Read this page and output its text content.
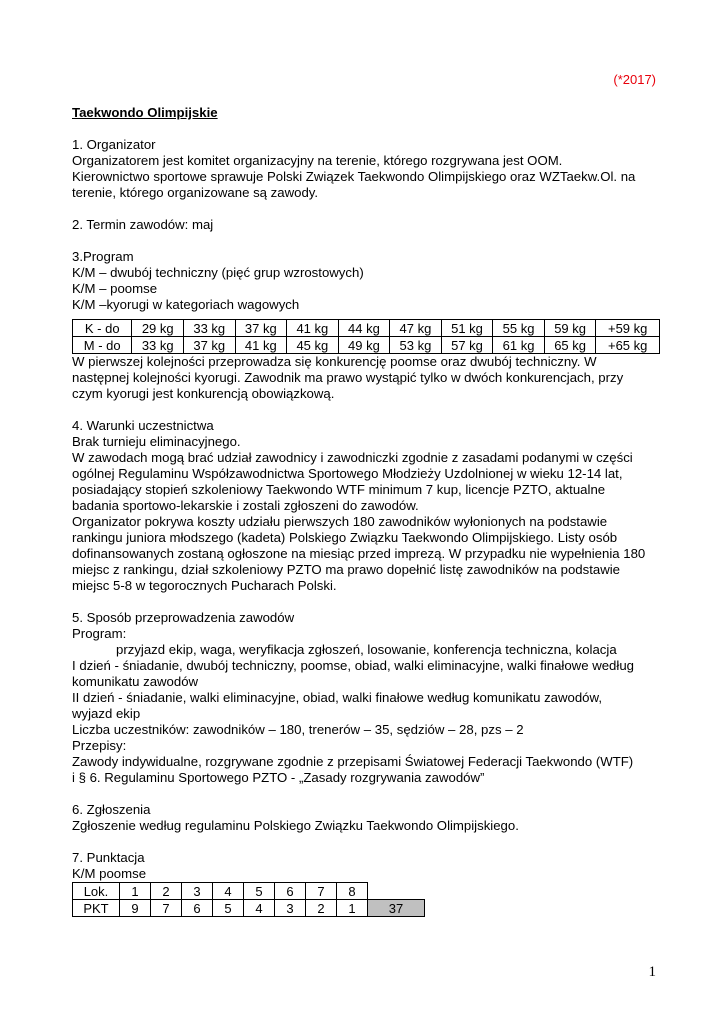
(*2017)

Taekwondo Olimpijskie

1. Organizator

Organizatorem jest komitet organizacyjny na terenie, którego rozgrywana jest OOM.

Kierownictwo sportowe sprawuje Polski Związek Taekwondo Olimpijskiego oraz WZTaekw.Ol. na

terenie, którego organizowane są zawody.

2. Termin zawodów: maj

3.Program

K/M – dwubój techniczny (pięć grup wzrostowych)

K/M – poomse

K/M –kyorugi w kategoriach wagowych

K - do	29 kg	33 kg	37 kg	41 kg	44 kg	47 kg	51 kg	55 kg	59 kg	+59 kg
M - do	33 kg	37 kg	41 kg	45 kg	49 kg	53 kg	57 kg	61 kg	65 kg	+65 kg

W pierwszej kolejności przeprowadza się konkurencję poomse oraz dwubój techniczny. W

następnej kolejności kyorugi. Zawodnik ma prawo wystąpić tylko w dwóch konkurencjach, przy

czym kyorugi jest konkurencją obowiązkową.

4. Warunki uczestnictwa

Brak turnieju eliminacyjnego.

W zawodach mogą brać udział zawodnicy i zawodniczki zgodnie z zasadami podanymi w części

ogólnej Regulaminu Współzawodnictwa Sportowego Młodzieży Uzdolnionej w wieku 12-14 lat,

posiadający stopień szkoleniowy Taekwondo WTF minimum 7 kup, licencje PZTO, aktualne

badania sportowo-lekarskie i zostali zgłoszeni do zawodów.

Organizator pokrywa koszty udziału pierwszych 180 zawodników wyłonionych na podstawie

rankingu juniora młodszego (kadeta) Polskiego Związku Taekwondo Olimpijskiego. Listy osób

dofinansowanych zostaną ogłoszone na miesiąc przed imprezą. W przypadku nie wypełnienia 180

miejsc z rankingu, dział szkoleniowy PZTO ma prawo dopełnić listę zawodników na podstawie

miejsc 5-8 w tegorocznych Pucharach Polski.

5. Sposób przeprowadzenia zawodów

Program:

przyjazd ekip, waga, weryfikacja zgłoszeń, losowanie, konferencja techniczna, kolacja

I dzień - śniadanie, dwubój techniczny, poomse, obiad, walki eliminacyjne, walki finałowe według

komunikatu zawodów

II dzień - śniadanie, walki eliminacyjne, obiad, walki finałowe według komunikatu zawodów,

wyjazd ekip

Liczba uczestników: zawodników – 180, trenerów – 35, sędziów – 28, pzs – 2

Przepisy:

Zawody indywidualne, rozgrywane zgodnie z przepisami Światowej Federacji Taekwondo (WTF)

i § 6. Regulaminu Sportowego PZTO - „Zasady rozgrywania zawodów”

6. Zgłoszenia

Zgłoszenie według regulaminu Polskiego Związku Taekwondo Olimpijskiego.

7. Punktacja

K/M poomse

Lok.	1	2	3	4	5	6	7	8	
PKT	9	7	6	5	4	3	2	1	37
1
